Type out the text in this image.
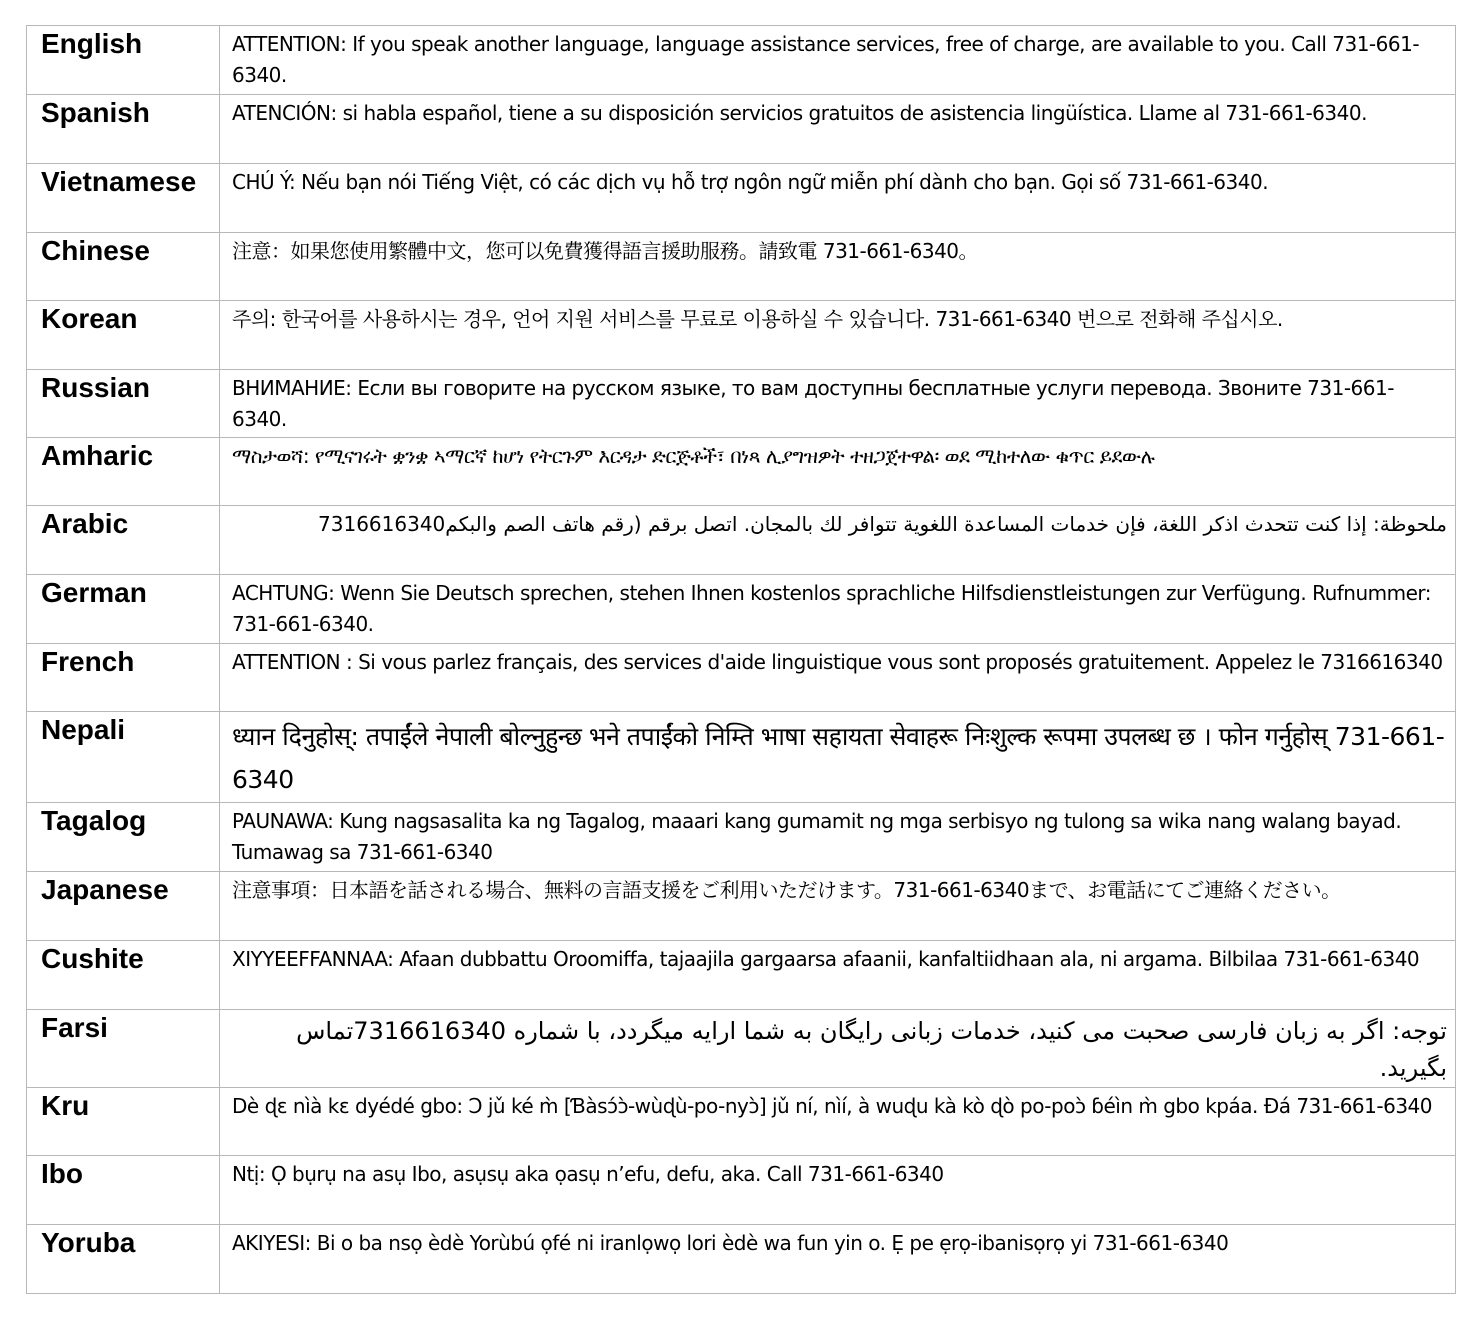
English	ATTENTION: If you speak another language, language assistance services, free of charge, are available to you. Call 731-661-6340.
Spanish	ATENCIÓN: si habla español, tiene a su disposición servicios gratuitos de asistencia lingüística. Llame al 731-661-6340.
Vietnamese	CHÚ Ý: Nếu bạn nói Tiếng Việt, có các dịch vụ hỗ trợ ngôn ngữ miễn phí dành cho bạn. Gọi số 731-661-6340.
Chinese	注意：如果您使用繁體中文，您可以免費獲得語言援助服務。請致電 731-661-6340。
Korean	주의: 한국어를 사용하시는 경우, 언어 지원 서비스를 무료로 이용하실 수 있습니다. 731-661-6340 번으로 전화해 주십시오.
Russian	ВНИМАНИЕ: Если вы говорите на русском языке, то вам доступны бесплатные услуги перевода. Звоните 731-661-6340.
Amharic	ማስታወሻ: የሚናገሩት ቋንቋ ኣማርኛ ከሆነ የትርጉም እርዳታ ድርጅቶች፣ በነጻ ሊያግዝዎት ተዘጋጀተዋል፡ ወደ ሚከተለው ቁጥር ይደውሉ
Arabic	ملحوظة: إذا كنت تتحدث اذكر اللغة، فإن خدمات المساعدة اللغوية تتوافر لك بالمجان. اتصل برقم (رقم هاتف الصم والبكم7316616340
German	ACHTUNG: Wenn Sie Deutsch sprechen, stehen Ihnen kostenlos sprachliche Hilfsdienstleistungen zur Verfügung. Rufnummer: 731-661-6340.
French	ATTENTION : Si vous parlez français, des services d'aide linguistique vous sont proposés gratuitement. Appelez le 7316616340
Nepali	ध्यान दिनुहोस्: तपाईंले नेपाली बोल्नुहुन्छ भने तपाईंको निम्ति भाषा सहायता सेवाहरू निःशुल्क रूपमा उपलब्ध छ । फोन गर्नुहोस् 731-661-6340
Tagalog	PAUNAWA: Kung nagsasalita ka ng Tagalog, maaari kang gumamit ng mga serbisyo ng tulong sa wika nang walang bayad. Tumawag sa 731-661-6340
Japanese	注意事項：日本語を話される場合、無料の言語支援をご利用いただけます。731-661-6340まで、お電話にてご連絡ください。
Cushite	XIYYEEFFANNAA: Afaan dubbattu Oroomiffa, tajaajila gargaarsa afaanii, kanfaltiidhaan ala, ni argama. Bilbilaa 731-661-6340
Farsi	توجه: اگر به زبان فارسی صحبت می کنید، خدمات زبانی رایگان به شما ارایه میگردد، با شماره 7316616340تماس بگیرید.
Kru	Dè ɖɛ nìà kɛ dyédé gbo: Ɔ jǔ ké m̀ [Ɓàsɔ́ɔ̀-wùɖù-po-nyɔ̀] jǔ ní, nìí, à wuɖu kà kò ɖò po-poɔ̀ ɓéìn m̀ gbo kpáa. Ɖá 731-661-6340
Ibo	Ntị: Ọ bụrụ na asụ Ibo, asụsụ aka ọasụ n’efu, defu, aka. Call 731-661-6340
Yoruba	AKIYESI: Bi o ba nsọ èdè Yorùbú ọfé ni iranlọwọ lori èdè wa fun yin o. Ẹ pe ẹrọ-ibanisọrọ yi 731-661-6340
